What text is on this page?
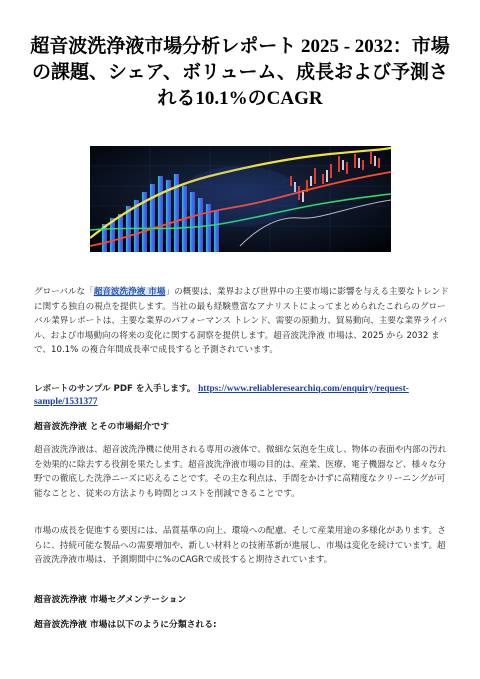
超音波洗浄液市場分析レポート 2025 - 2032：市場の課題、シェア、ボリューム、成長および予測される10.1%のCAGR

グローバルな「超音波洗浄液 市場」の概要は、業界および世界中の主要市場に影響を与える主要なトレンドに関する独自の視点を提供します。当社の最も経験豊富なアナリストによってまとめられたこれらのグローバル業界レポートは、主要な業界のパフォーマンス トレンド、需要の原動力、貿易動向、主要な業界ライバル、および市場動向の将来の変化に関する洞察を提供します。超音波洗浄液 市場は、2025 から 2032 まで、10.1% の複合年間成長率で成長すると予測されています。

レポートのサンプル PDF を入手します。 https://www.reliableresearchiq.com/enquiry/request-sample/1531377

超音波洗浄液 とその市場紹介です

超音波洗浄液は、超音波洗浄機に使用される専用の液体で、微細な気泡を生成し、物体の表面や内部の汚れを効果的に除去する役割を果たします。超音波洗浄液市場の目的は、産業、医療、電子機器など、様々な分野での徹底した洗浄ニーズに応えることです。その主な利点は、手間をかけずに高精度なクリーニングが可能なことと、従来の方法よりも時間とコストを削減できることです。

市場の成長を促進する要因には、品質基準の向上、環境への配慮、そして産業用途の多様化があります。さらに、持続可能な製品への需要増加や、新しい材料との技術革新が進展し、市場は変化を続けています。超音波洗浄液市場は、予測期間中に%のCAGRで成長すると期待されています。

超音波洗浄液 市場セグメンテーション

超音波洗浄液 市場は以下のように分類される:
